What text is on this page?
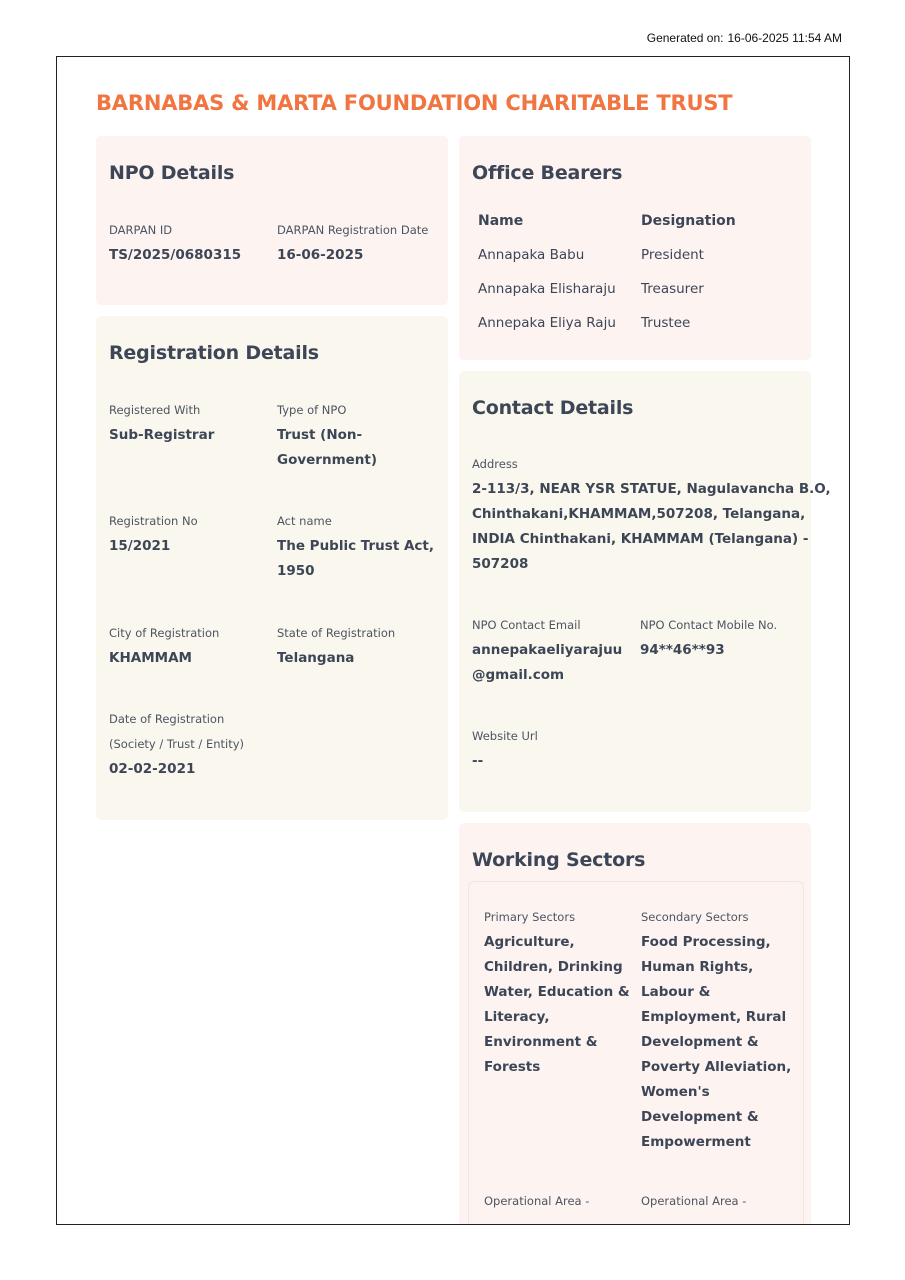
Generated on: 16-06-2025 11:54 AM
BARNABAS & MARTA FOUNDATION CHARITABLE TRUST
NPO Details
DARPAN ID
TS/2025/0680315
DARPAN Registration Date
16-06-2025
Office Bearers
Name	Designation
Annapaka Babu	President
Annapaka Elisharaju Treasurer
Annepaka Eliya Raju Trustee
Registration Details
Registered With
Sub-Registrar
Type of NPO
Trust (Non-
Government)
Registration No
15/2021
Act name
The Public Trust Act,
1950
City of Registration
KHAMMAM
State of Registration
Telangana
Date of Registration
(Society / Trust / Entity)
02-02-2021
Contact Details
Address
2-113/3, NEAR YSR STATUE, Nagulavancha B.O,
Chinthakani,KHAMMAM,507208, Telangana,
INDIA Chinthakani, KHAMMAM (Telangana) -
507208
NPO Contact Email
annepakaeliyarajuu
@gmail.com
NPO Contact Mobile No.
94**46**93
Website Url
--
Working Sectors
Primary Sectors
Agriculture,
Children, Drinking
Water, Education &
Literacy,
Environment &
Forests
Secondary Sectors
Food Processing,
Human Rights,
Labour &
Employment, Rural
Development &
Poverty Alleviation,
Women's
Development &
Empowerment
Operational Area -	Operational Area -
